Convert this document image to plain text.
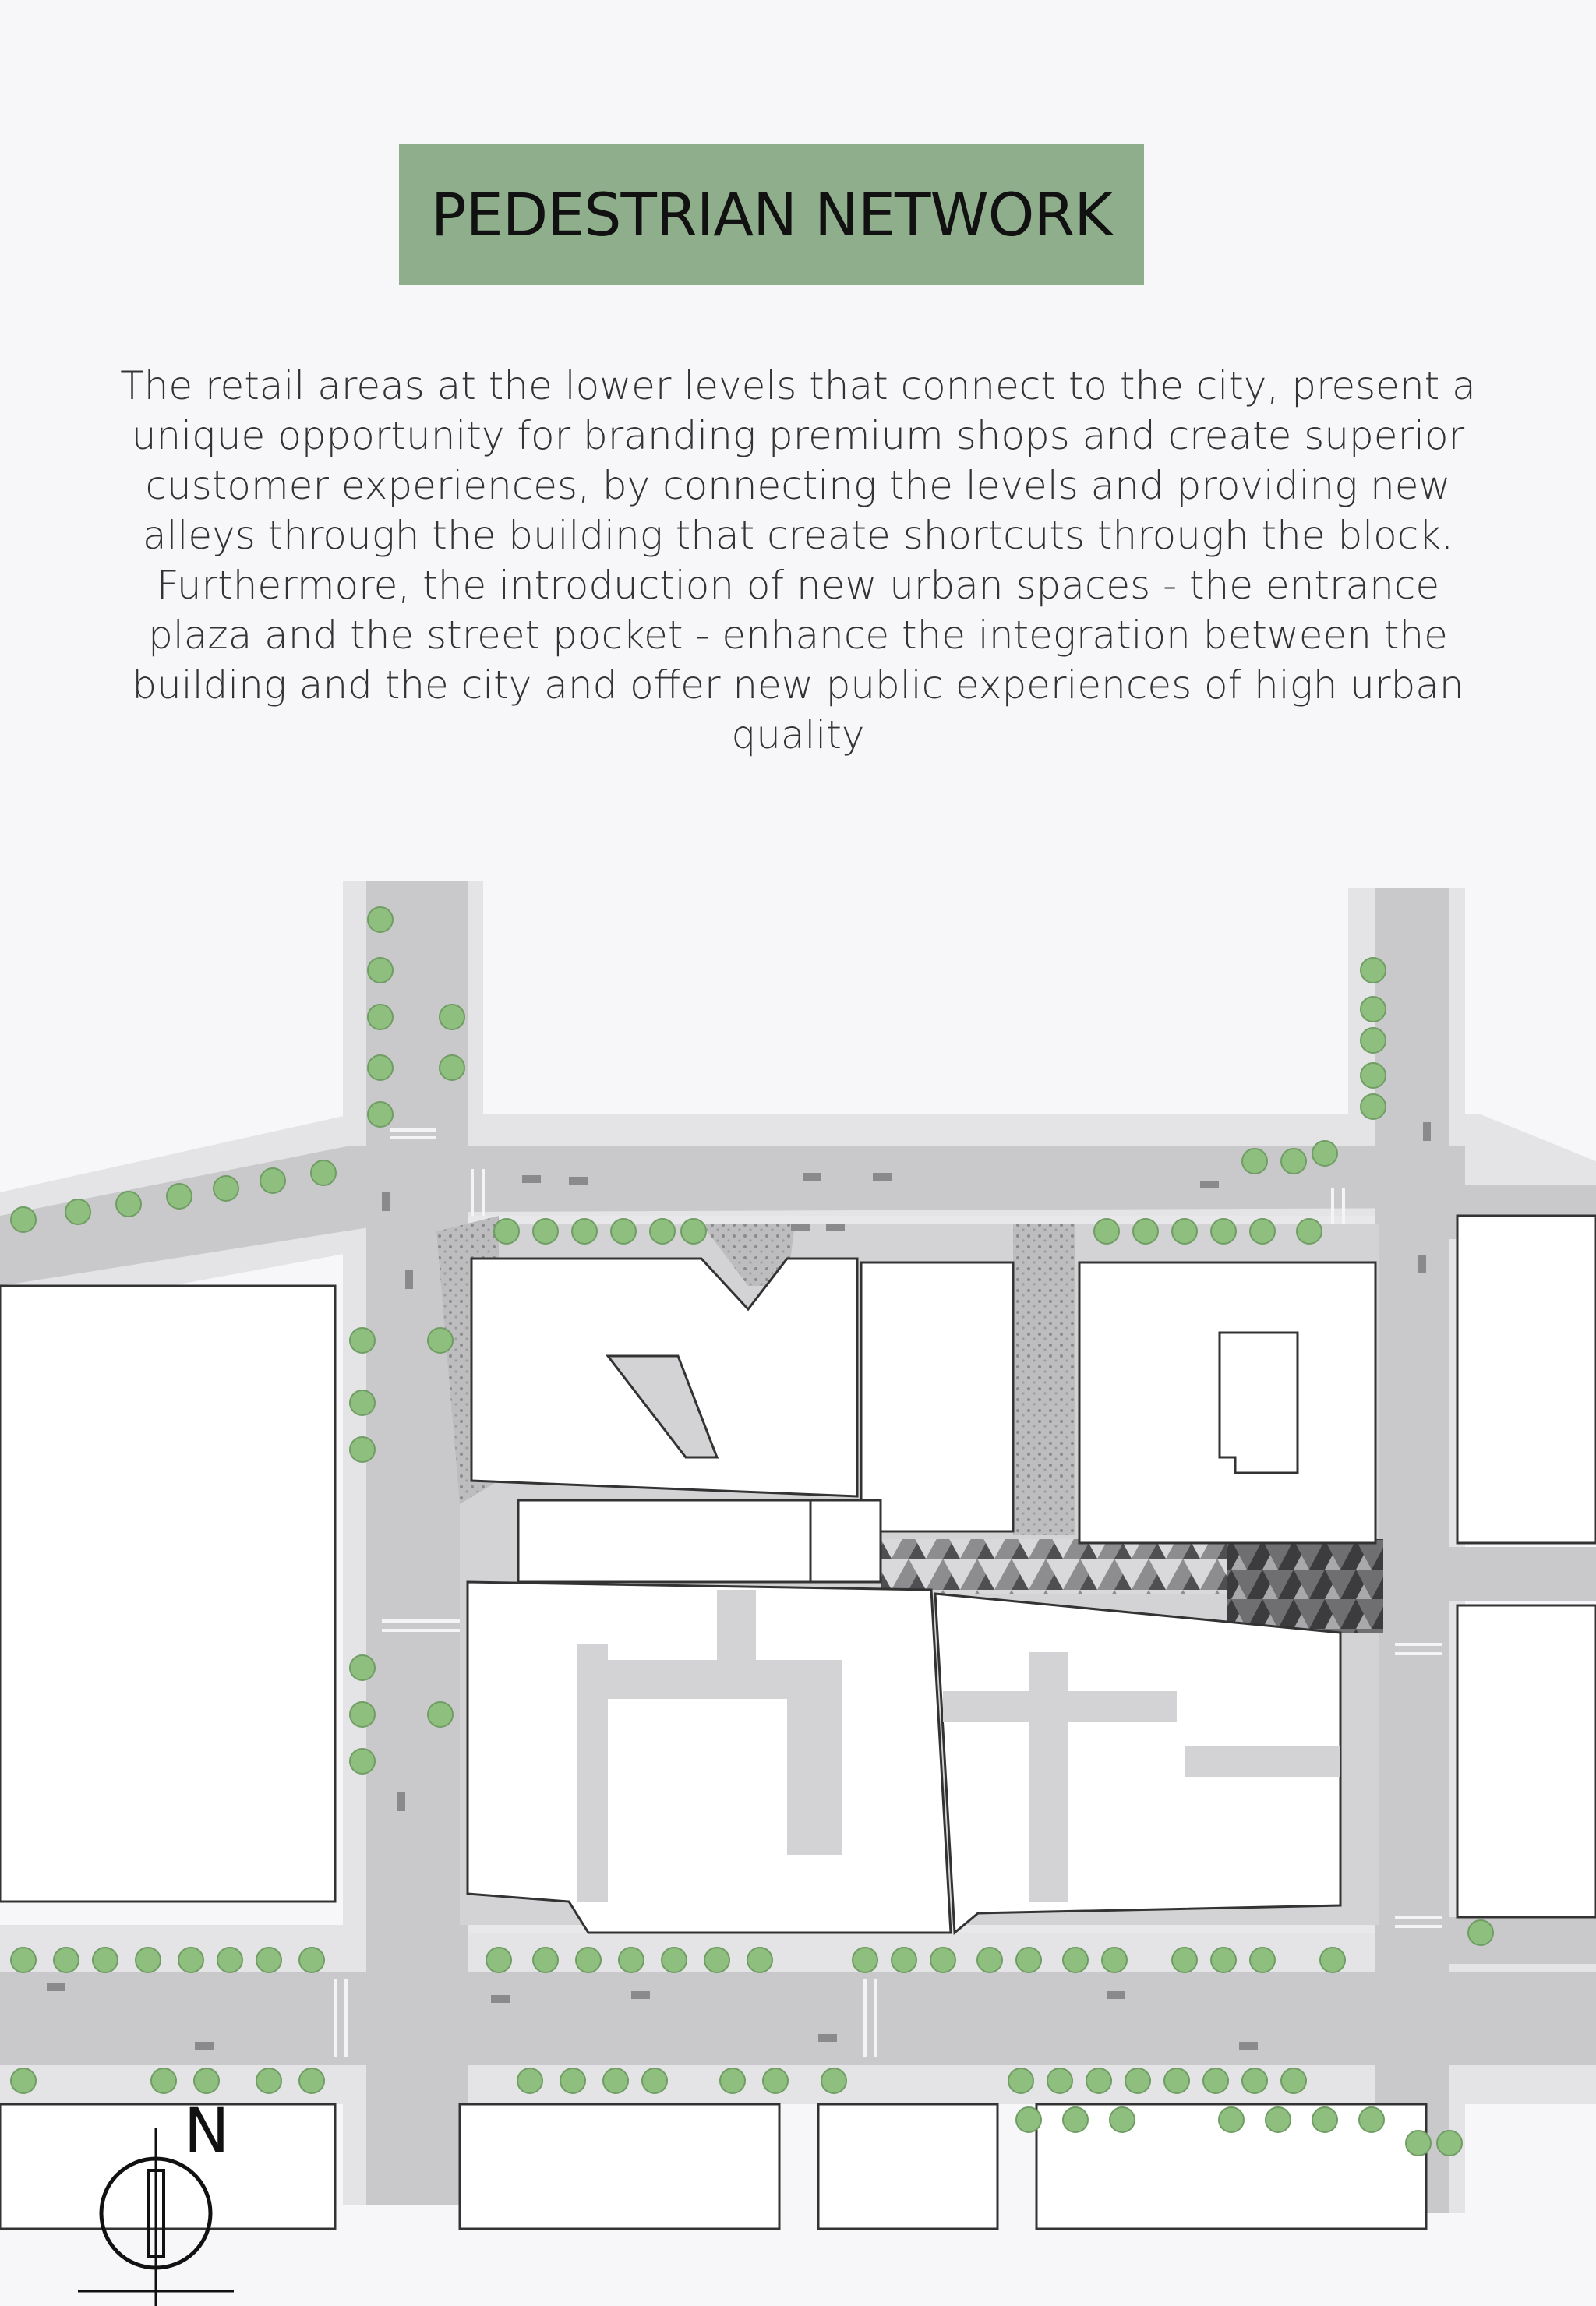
PEDESTRIAN NETWORK

The retail areas at the lower levels that connect to the city, present a unique opportunity for branding premium shops and create superior customer experiences, by connecting the levels and providing new alleys through the building that create shortcuts through the block. Furthermore, the introduction of new urban spaces - the entrance plaza and the street pocket - enhance the integration between the building and the city and offer new public experiences of high urban quality

N
